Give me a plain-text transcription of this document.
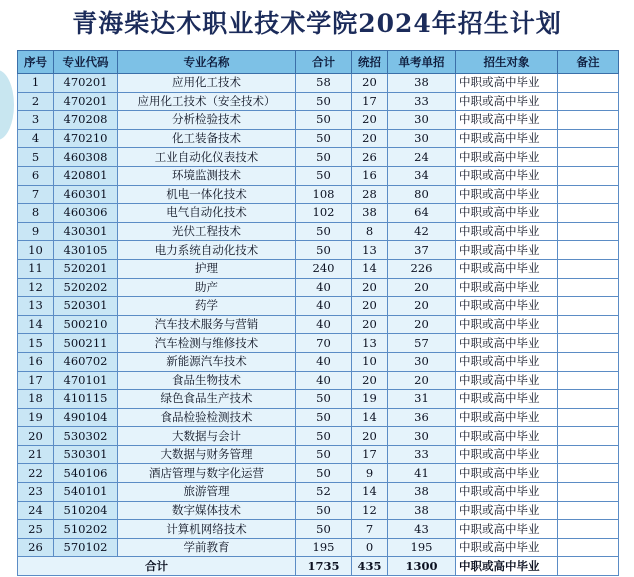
青海柴达木职业技术学院2024年招生计划
序号	专业代码	专业名称	合计	统招	单考单招	招生对象	备注
1	470201	应用化工技术	58	20	38	中职或高中毕业	
2	470201	应用化工技术（安全技术）	50	17	33	中职或高中毕业	
3	470208	分析检验技术	50	20	30	中职或高中毕业	
4	470210	化工装备技术	50	20	30	中职或高中毕业	
5	460308	工业自动化仪表技术	50	26	24	中职或高中毕业	
6	420801	环境监测技术	50	16	34	中职或高中毕业	
7	460301	机电一体化技术	108	28	80	中职或高中毕业	
8	460306	电气自动化技术	102	38	64	中职或高中毕业	
9	430301	光伏工程技术	50	8	42	中职或高中毕业	
10	430105	电力系统自动化技术	50	13	37	中职或高中毕业	
11	520201	护理	240	14	226	中职或高中毕业	
12	520202	助产	40	20	20	中职或高中毕业	
13	520301	药学	40	20	20	中职或高中毕业	
14	500210	汽车技术服务与营销	40	20	20	中职或高中毕业	
15	500211	汽车检测与维修技术	70	13	57	中职或高中毕业	
16	460702	新能源汽车技术	40	10	30	中职或高中毕业	
17	470101	食品生物技术	40	20	20	中职或高中毕业	
18	410115	绿色食品生产技术	50	19	31	中职或高中毕业	
19	490104	食品检验检测技术	50	14	36	中职或高中毕业	
20	530302	大数据与会计	50	20	30	中职或高中毕业	
21	530301	大数据与财务管理	50	17	33	中职或高中毕业	
22	540106	酒店管理与数字化运营	50	9	41	中职或高中毕业	
23	540101	旅游管理	52	14	38	中职或高中毕业	
24	510204	数字媒体技术	50	12	38	中职或高中毕业	
25	510202	计算机网络技术	50	7	43	中职或高中毕业	
26	570102	学前教育	195	0	195	中职或高中毕业	
合计			1735	435	1300	中职或高中毕业	
